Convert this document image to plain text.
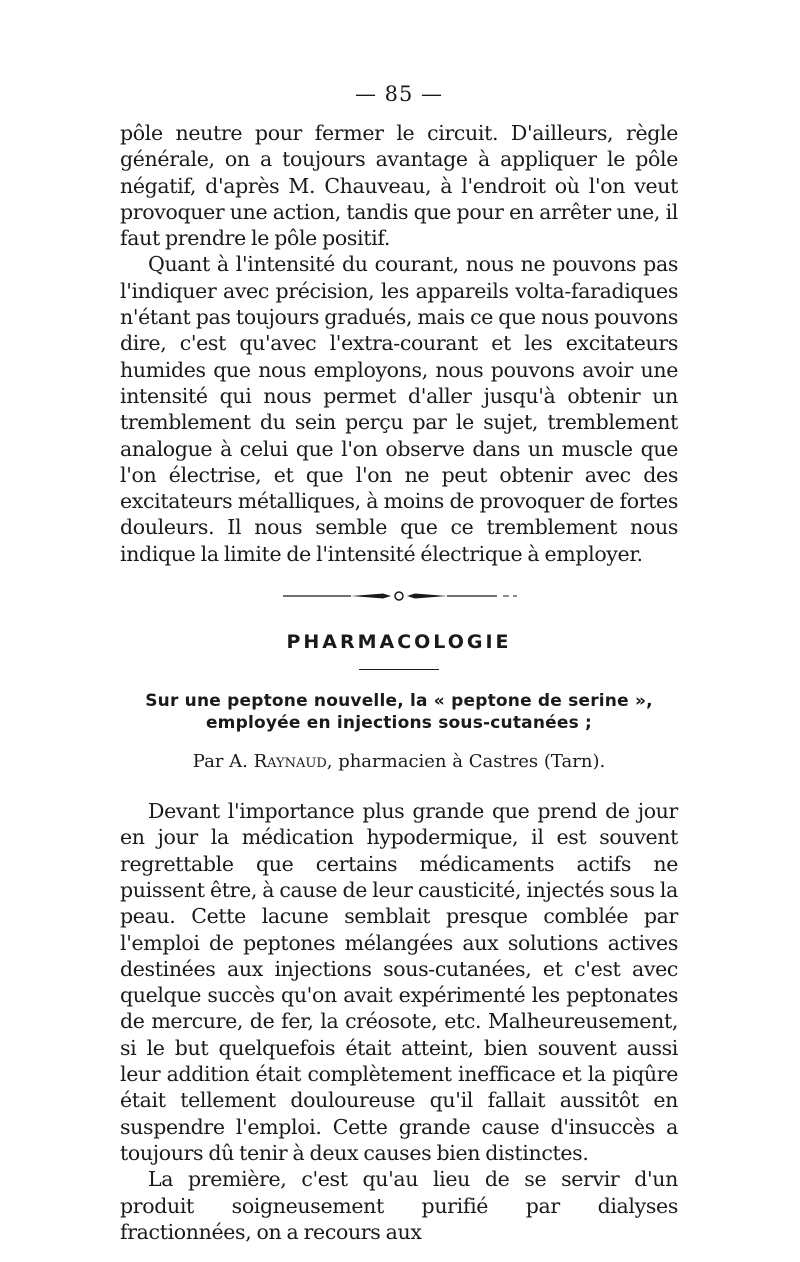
— 85 —

pôle neutre pour fermer le circuit. D'ailleurs, règle générale, on a toujours avantage à appliquer le pôle négatif, d'après M. Chauveau, à l'endroit où l'on veut provoquer une action, tandis que pour en arrêter une, il faut prendre le pôle positif.

Quant à l'intensité du courant, nous ne pouvons pas l'indiquer avec précision, les appareils volta-faradiques n'étant pas toujours gradués, mais ce que nous pouvons dire, c'est qu'avec l'extra-courant et les excitateurs humides que nous employons, nous pouvons avoir une intensité qui nous permet d'aller jusqu'à obtenir un tremblement du sein perçu par le sujet, tremblement analogue à celui que l'on observe dans un muscle que l'on électrise, et que l'on ne peut obtenir avec des excitateurs métalliques, à moins de provoquer de fortes douleurs. Il nous semble que ce tremblement nous indique la limite de l'intensité électrique à employer.

PHARMACOLOGIE
Sur une peptone nouvelle, la « peptone de serine »,
employée en injections sous-cutanées ;
Par A. Raynaud, pharmacien à Castres (Tarn).

Devant l'importance plus grande que prend de jour en jour la médication hypodermique, il est souvent regrettable que certains médicaments actifs ne puissent être, à cause de leur causticité, injectés sous la peau. Cette lacune semblait presque comblée par l'emploi de peptones mélangées aux solutions actives destinées aux injections sous-cutanées, et c'est avec quelque succès qu'on avait expérimenté les peptonates de mercure, de fer, la créosote, etc. Malheureusement, si le but quelquefois était atteint, bien souvent aussi leur addition était complètement inefficace et la piqûre était tellement douloureuse qu'il fallait aussitôt en suspendre l'emploi. Cette grande cause d'insuccès a toujours dû tenir à deux causes bien distinctes.

La première, c'est qu'au lieu de se servir d'un produit soigneusement purifié par dialyses fractionnées, on a recours aux
